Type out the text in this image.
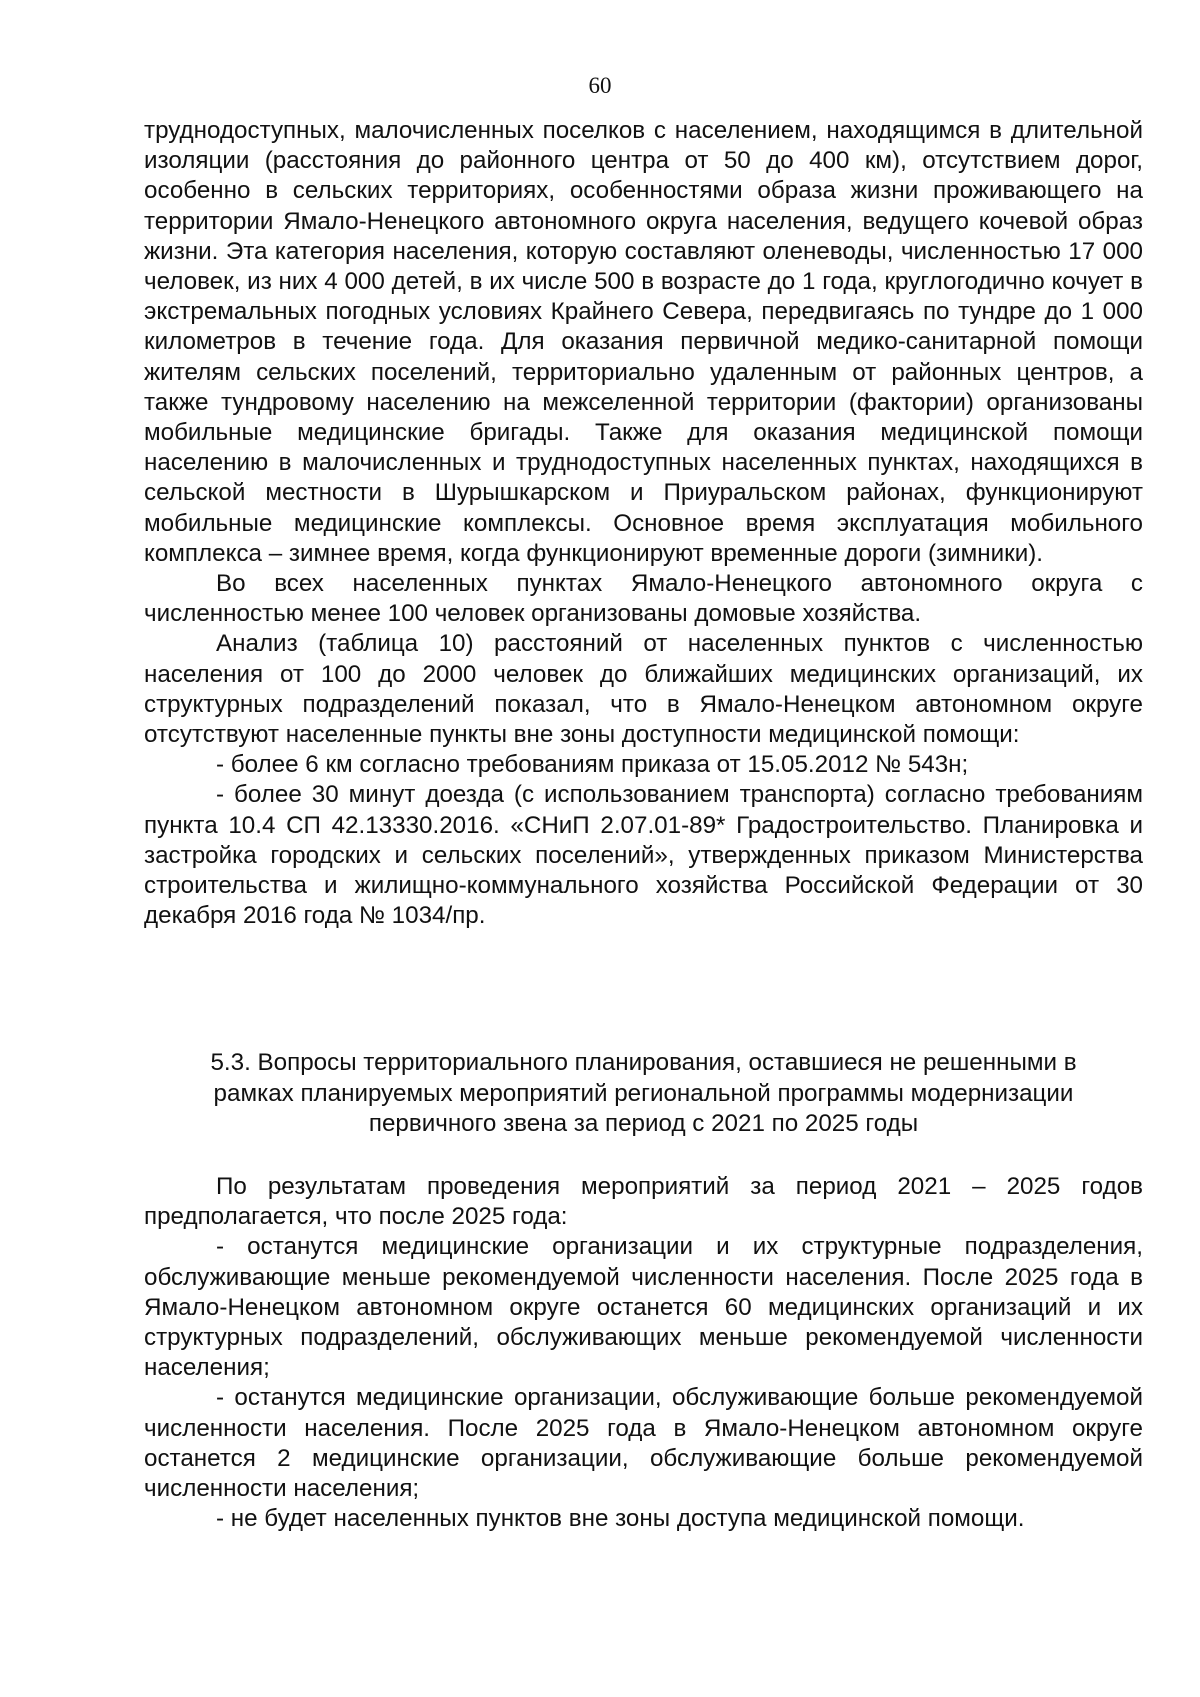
60

труднодоступных, малочисленных поселков с населением, находящимся в длительной изоляции (расстояния до районного центра от 50 до 400 км), отсутствием дорог, особенно в сельских территориях, особенностями образа жизни проживающего на территории Ямало-Ненецкого автономного округа населения, ведущего кочевой образ жизни. Эта категория населения, которую составляют оленеводы, численностью 17 000 человек, из них 4 000 детей, в их числе 500 в возрасте до 1 года, круглогодично кочует в экстремальных погодных условиях Крайнего Севера, передвигаясь по тундре до 1 000 километров в течение года. Для оказания первичной медико-санитарной помощи жителям сельских поселений, территориально удаленным от районных центров, а также тундровому населению на межселенной территории (фактории) организованы мобильные медицинские бригады. Также для оказания медицинской помощи населению в малочисленных и труднодоступных населенных пунктах, находящихся в сельской местности в Шурышкарском и Приуральском районах, функционируют мобильные медицинские комплексы. Основное время эксплуатация мобильного комплекса – зимнее время, когда функционируют временные дороги (зимники).

Во всех населенных пунктах Ямало-Ненецкого автономного округа с численностью менее 100 человек организованы домовые хозяйства.

Анализ (таблица 10) расстояний от населенных пунктов с численностью населения от 100 до 2000 человек до ближайших медицинских организаций, их структурных подразделений показал, что в Ямало-Ненецком автономном округе отсутствуют населенные пункты вне зоны доступности медицинской помощи:

- более 6 км согласно требованиям приказа от 15.05.2012 № 543н;

- более 30 минут доезда (с использованием транспорта) согласно требованиям пункта 10.4 СП 42.13330.2016. «СНиП 2.07.01-89* Градостроительство. Планировка и застройка городских и сельских поселений», утвержденных приказом Министерства строительства и жилищно-коммунального хозяйства Российской Федерации от 30 декабря 2016 года № 1034/пр.

5.3. Вопросы территориального планирования, оставшиеся не решенными в
рамках планируемых мероприятий региональной программы модернизации
первичного звена за период с 2021 по 2025 годы

По результатам проведения мероприятий за период 2021 – 2025 годов предполагается, что после 2025 года:

- останутся медицинские организации и их структурные подразделения, обслуживающие меньше рекомендуемой численности населения. После 2025 года в Ямало-Ненецком автономном округе останется 60 медицинских организаций и их структурных подразделений, обслуживающих меньше рекомендуемой численности населения;

- останутся медицинские организации, обслуживающие больше рекомендуемой численности населения. После 2025 года в Ямало-Ненецком автономном округе останется 2 медицинские организации, обслуживающие больше рекомендуемой численности населения;

- не будет населенных пунктов вне зоны доступа медицинской помощи.
